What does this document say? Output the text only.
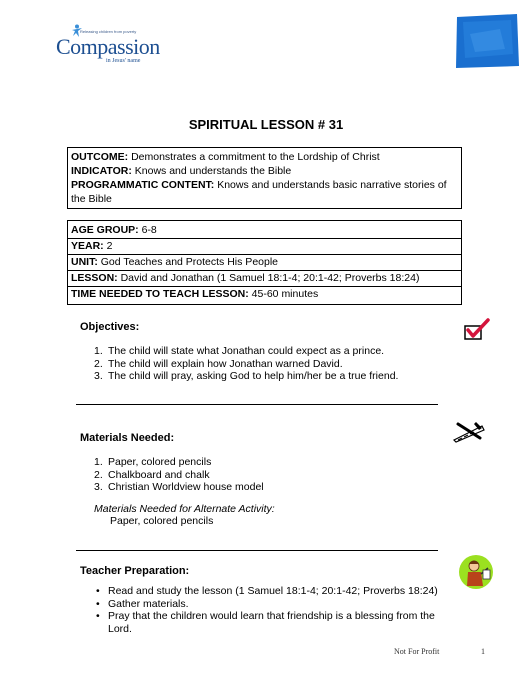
Releasing children from poverty
Compassion
in Jesus' name
SPIRITUAL LESSON # 31
OUTCOME: Demonstrates a commitment to the Lordship of Christ
INDICATOR: Knows and understands the Bible
PROGRAMMATIC CONTENT: Knows and understands basic narrative stories of the Bible
AGE GROUP: 6-8
YEAR: 2
UNIT: God Teaches and Protects His People
LESSON: David and Jonathan (1 Samuel 18:1-4; 20:1-42; Proverbs 18:24)
TIME NEEDED TO TEACH LESSON: 45-60 minutes
Objectives:
1. The child will state what Jonathan could expect as a prince.
2. The child will explain how Jonathan warned David.
3. The child will pray, asking God to help him/her be a true friend.
Materials Needed:
1. Paper, colored pencils
2. Chalkboard and chalk
3. Christian Worldview house model
Materials Needed for Alternate Activity:
Paper, colored pencils
Teacher Preparation:
• Read and study the lesson (1 Samuel 18:1-4; 20:1-42; Proverbs 18:24)
• Gather materials.
• Pray that the children would learn that friendship is a blessing from the Lord.
Not For Profit	1
